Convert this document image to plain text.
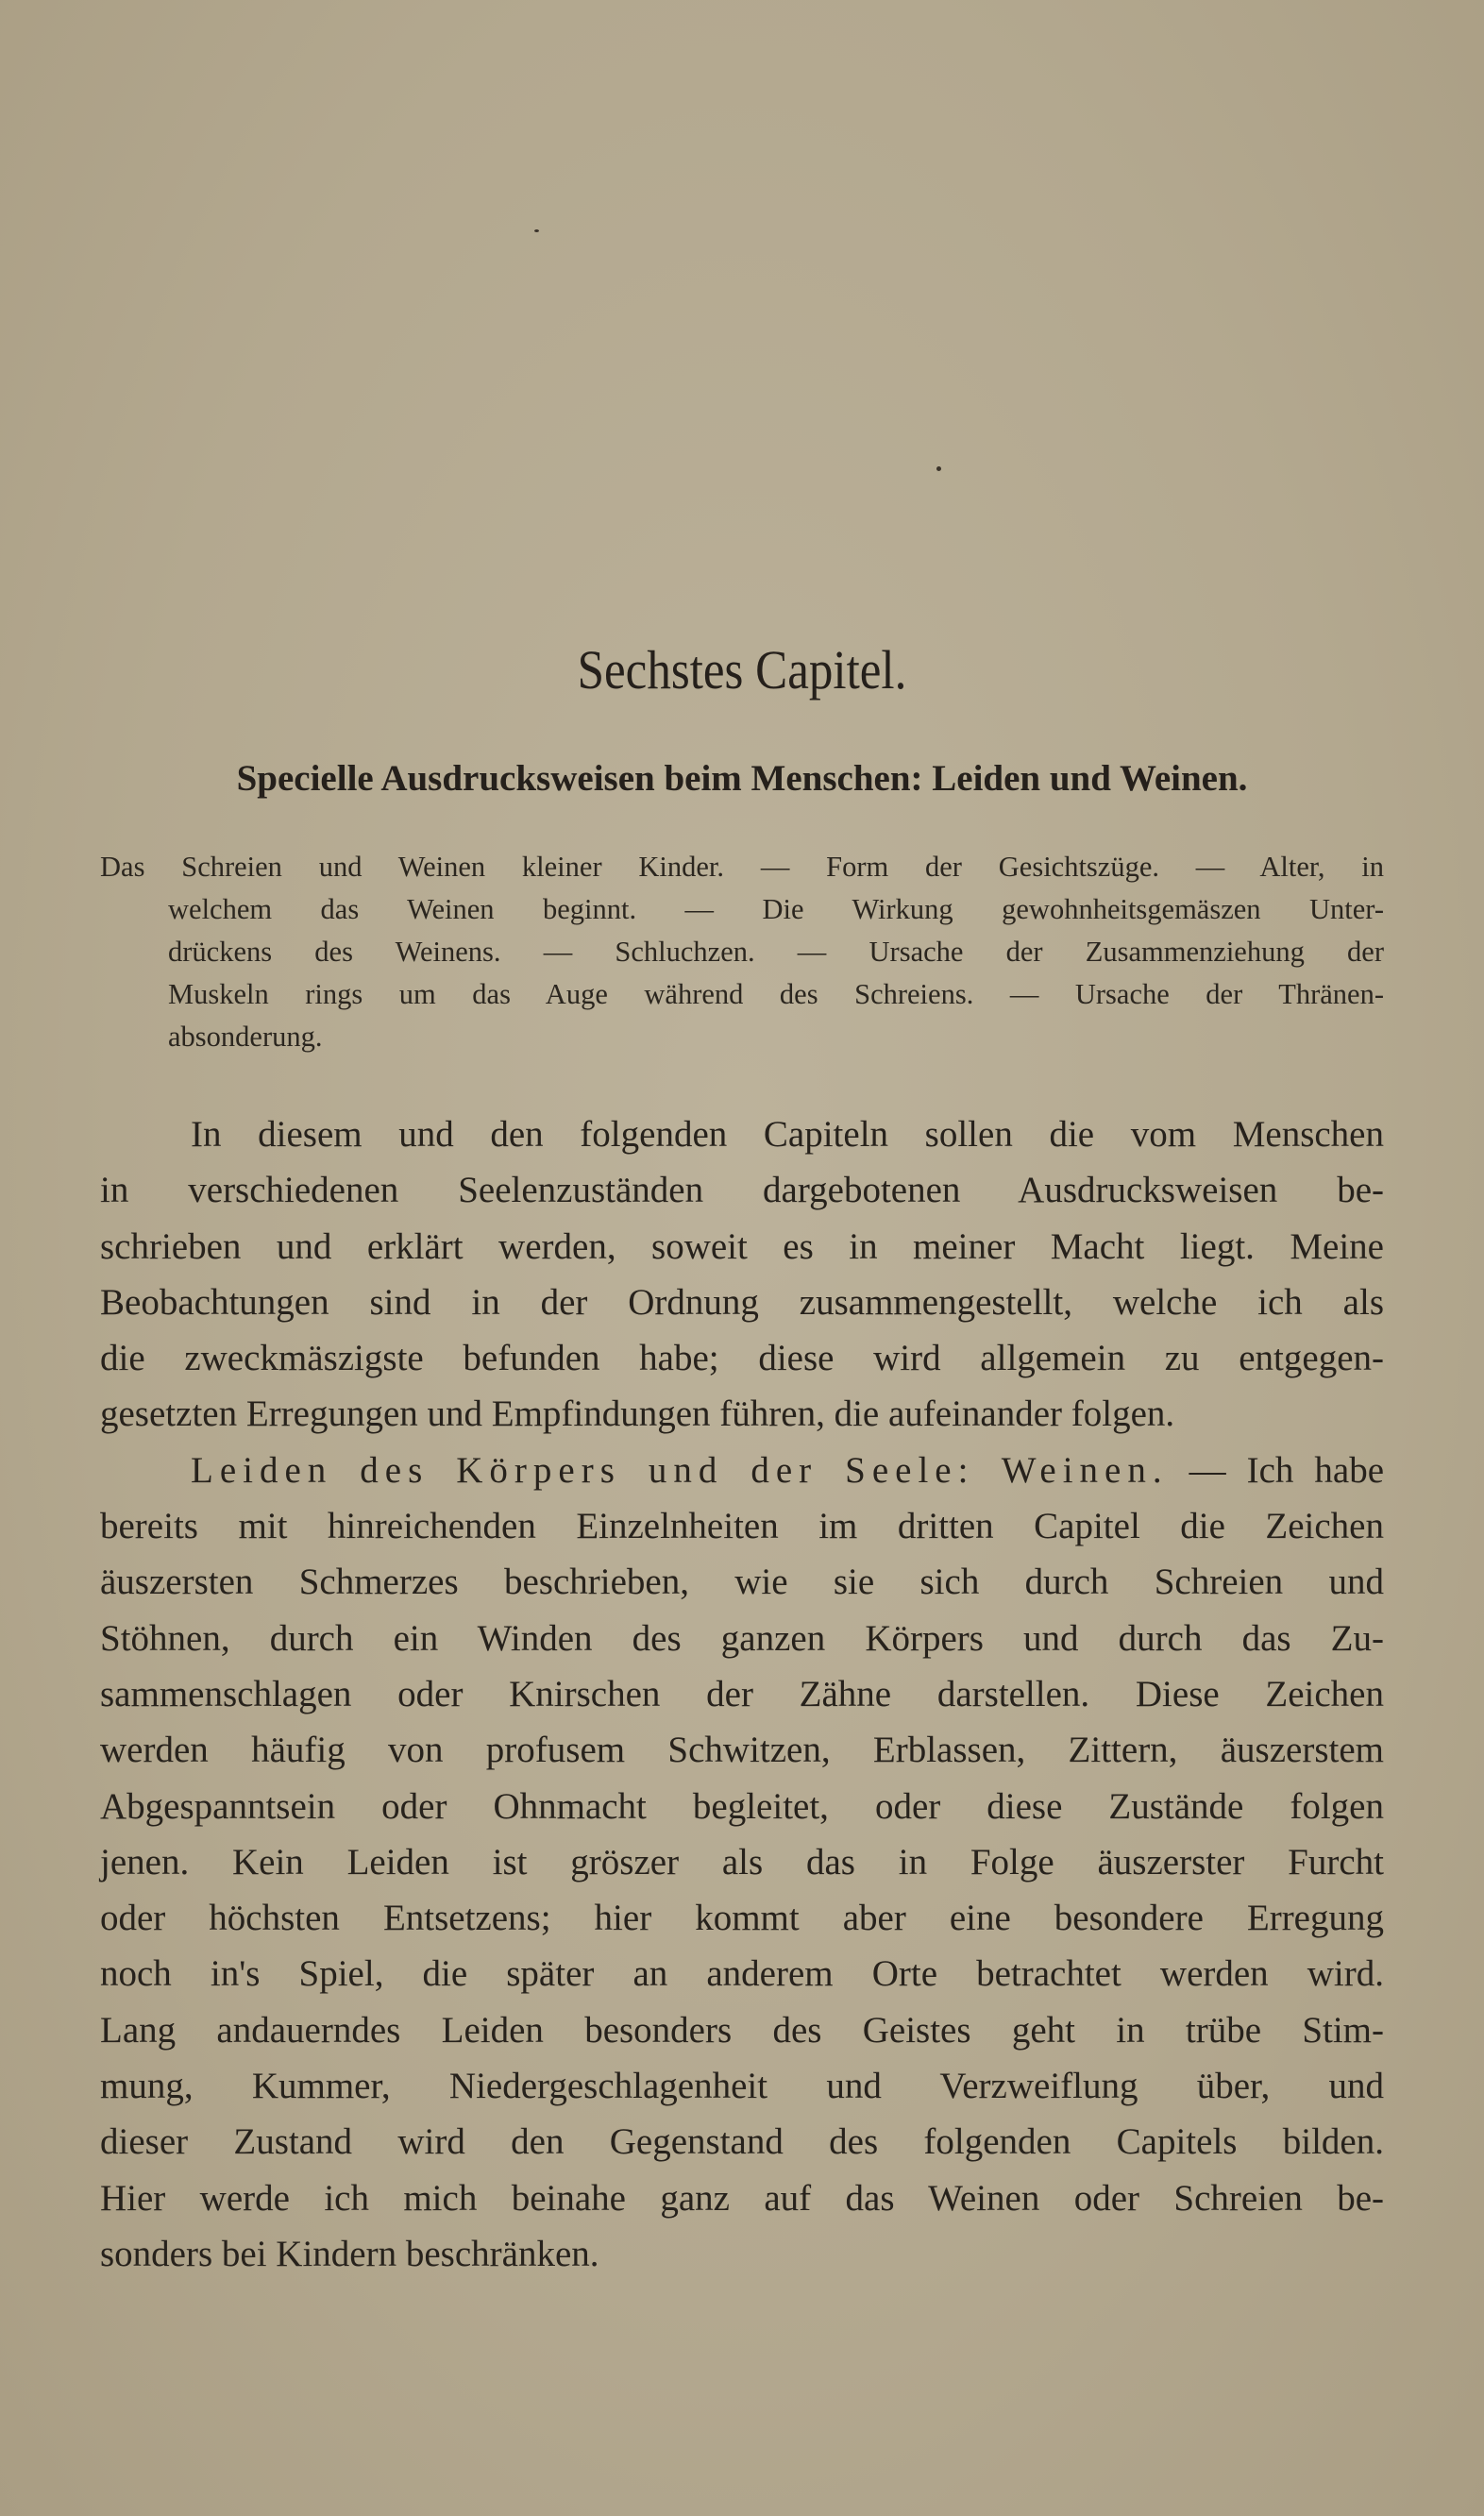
Sechstes Capitel.
Specielle Ausdrucksweisen beim Menschen: Leiden und Weinen.
Das Schreien und Weinen kleiner Kinder. — Form der Gesichtszüge. — Alter, in
welchem das Weinen beginnt. — Die Wirkung gewohnheitsgemäszen Unter-
drückens des Weinens. — Schluchzen. — Ursache der Zusammenziehung der
Muskeln rings um das Auge während des Schreiens. — Ursache der Thränen-
absonderung.
In diesem und den folgenden Capiteln sollen die vom Menschen
in verschiedenen Seelenzuständen dargebotenen Ausdrucksweisen be-
schrieben und erklärt werden, soweit es in meiner Macht liegt. Meine
Beobachtungen sind in der Ordnung zusammengestellt, welche ich als
die zweckmäszigste befunden habe; diese wird allgemein zu entgegen-
gesetzten Erregungen und Empfindungen führen, die aufeinander folgen.
Leiden des Körpers und der Seele: Weinen. — Ich habe
bereits mit hinreichenden Einzelnheiten im dritten Capitel die Zeichen
äuszersten Schmerzes beschrieben, wie sie sich durch Schreien und
Stöhnen, durch ein Winden des ganzen Körpers und durch das Zu-
sammenschlagen oder Knirschen der Zähne darstellen. Diese Zeichen
werden häufig von profusem Schwitzen, Erblassen, Zittern, äuszerstem
Abgespanntsein oder Ohnmacht begleitet, oder diese Zustände folgen
jenen. Kein Leiden ist gröszer als das in Folge äuszerster Furcht
oder höchsten Entsetzens; hier kommt aber eine besondere Erregung
noch in's Spiel, die später an anderem Orte betrachtet werden wird.
Lang andauerndes Leiden besonders des Geistes geht in trübe Stim-
mung, Kummer, Niedergeschlagenheit und Verzweiflung über, und
dieser Zustand wird den Gegenstand des folgenden Capitels bilden.
Hier werde ich mich beinahe ganz auf das Weinen oder Schreien be-
sonders bei Kindern beschränken.
